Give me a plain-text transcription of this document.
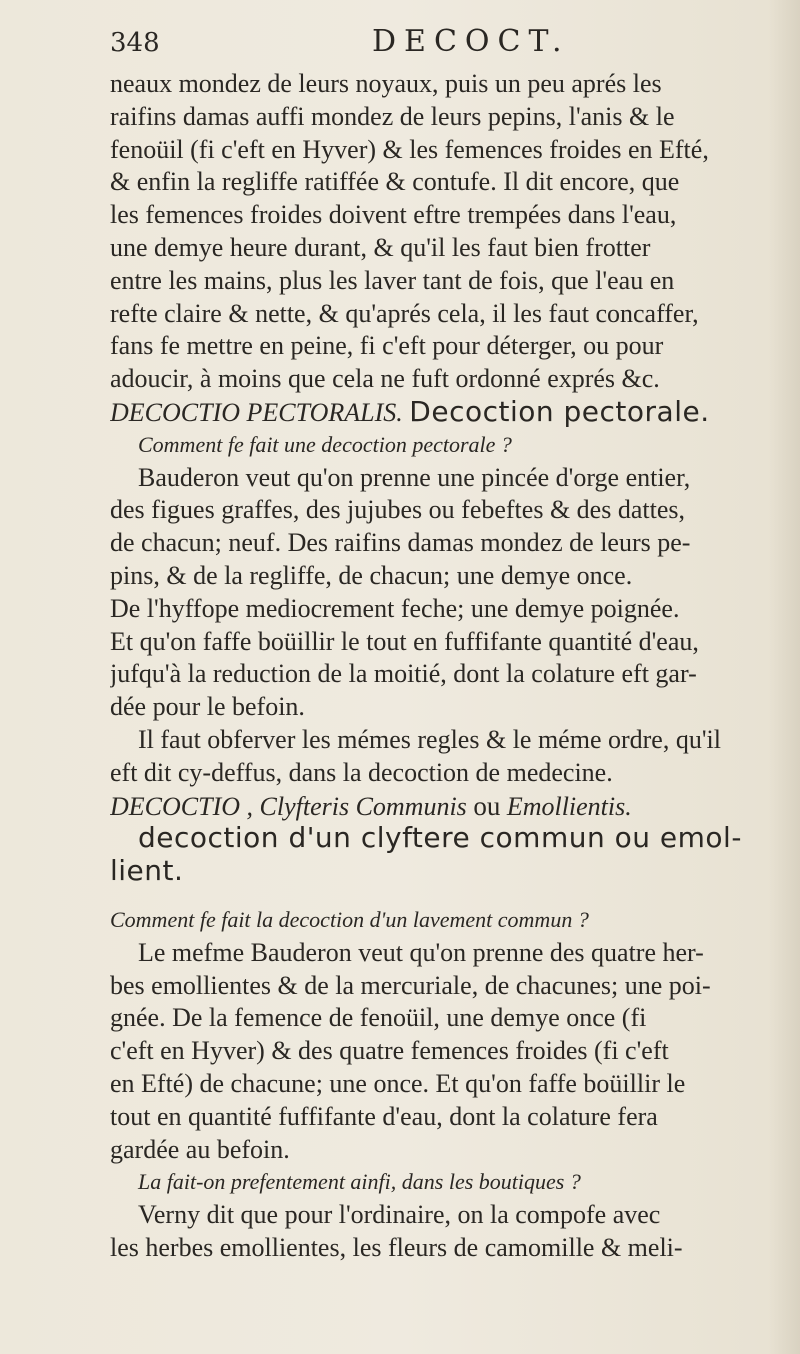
348	DECOCT.
neaux mondez de leurs noyaux, puis un peu aprés les
raifins damas auffi mondez de leurs pepins, l'anis & le
fenoüil (fi c'eft en Hyver) & les femences froides en Efté,
& enfin la regliffe ratiffée & contufe. Il dit encore, que
les femences froides doivent eftre trempées dans l'eau,
une demye heure durant, & qu'il les faut bien frotter
entre les mains, plus les laver tant de fois, que l'eau en
refte claire & nette, & qu'aprés cela, il les faut concaffer,
fans fe mettre en peine, fi c'eft pour déterger, ou pour
adoucir, à moins que cela ne fuft ordonné exprés &c.
DECOCTIO PECTORALIS. Decoction pectorale.
Comment fe fait une decoction pectorale ?
Bauderon veut qu'on prenne une pincée d'orge entier,
des figues graffes, des jujubes ou febeftes & des dattes,
de chacun; neuf. Des raifins damas mondez de leurs pe-
pins, & de la regliffe, de chacun; une demye once.
De l'hyffope mediocrement feche; une demye poignée.
Et qu'on faffe boüillir le tout en fuffifante quantité d'eau,
jufqu'à la reduction de la moitié, dont la colature eft gar-
dée pour le befoin.
Il faut obferver les mémes regles & le méme ordre, qu'il
eft dit cy-deffus, dans la decoction de medecine.
DECOCTIO , Clyfteris Communis ou Emollientis.
decoction d'un clyftere commun ou emol-
lient.
Comment fe fait la decoction d'un lavement commun ?
Le mefme Bauderon veut qu'on prenne des quatre her-
bes emollientes & de la mercuriale, de chacunes; une poi-
gnée. De la femence de fenoüil, une demye once (fi
c'eft en Hyver) & des quatre femences froides (fi c'eft
en Efté) de chacune; une once. Et qu'on faffe boüillir le
tout en quantité fuffifante d'eau, dont la colature fera
gardée au befoin.
La fait-on prefentement ainfi, dans les boutiques ?
Verny dit que pour l'ordinaire, on la compofe avec
les herbes emollientes, les fleurs de camomille & meli-
